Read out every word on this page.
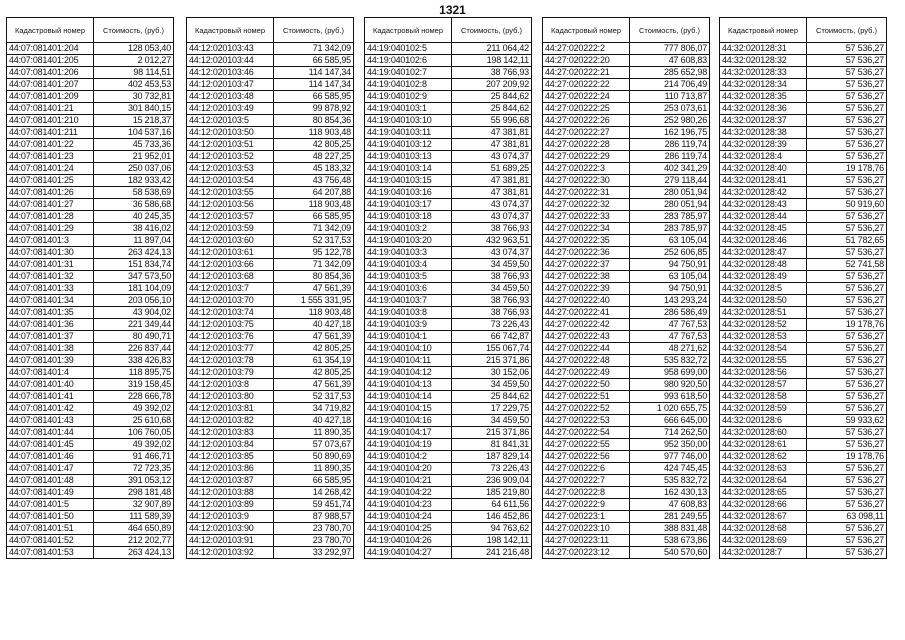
1321
Кадастровый номер	Стоимость, (руб.)
44:07:081401:204	128 053,40
44:07:081401:205	2 012,27
44:07:081401:206	98 114,51
44:07:081401:207	402 453,53
44:07:081401:209	30 732,81
44:07:081401:21	301 840,15
44:07:081401:210	15 218,37
44:07:081401:211	104 537,16
44:07:081401:22	45 733,36
44:07:081401:23	21 952,01
44:07:081401:24	250 037,06
44:07:081401:25	182 933,42
44:07:081401:26	58 538,69
44:07:081401:27	36 586,68
44:07:081401:28	40 245,35
44:07:081401:29	38 416,02
44:07:081401:3	11 897,04
44:07:081401:30	263 424,13
44:07:081401:31	151 834,74
44:07:081401:32	347 573,50
44:07:081401:33	181 104,09
44:07:081401:34	203 056,10
44:07:081401:35	43 904,02
44:07:081401:36	221 349,44
44:07:081401:37	80 490,71
44:07:081401:38	226 837,44
44:07:081401:39	338 426,83
44:07:081401:4	118 895,75
44:07:081401:40	319 158,45
44:07:081401:41	228 666,78
44:07:081401:42	49 392,02
44:07:081401:43	25 610,68
44:07:081401:44	106 760,05
44:07:081401:45	49 392,02
44:07:081401:46	91 466,71
44:07:081401:47	72 723,35
44:07:081401:48	391 053,12
44:07:081401:49	298 181,48
44:07:081401:5	32 907,89
44:07:081401:50	111 589,39
44:07:081401:51	464 650,89
44:07:081401:52	212 202,77
44:07:081401:53	263 424,13
Кадастровый номер	Стоимость, (руб.)
44:12:020103:43	71 342,09
44:12:020103:44	66 585,95
44:12:020103:46	114 147,34
44:12:020103:47	114 147,34
44:12:020103:48	66 585,95
44:12:020103:49	99 878,92
44:12:020103:5	80 854,36
44:12:020103:50	118 903,48
44:12:020103:51	42 805,25
44:12:020103:52	48 227,25
44:12:020103:53	45 183,32
44:12:020103:54	43 756,48
44:12:020103:55	64 207,88
44:12:020103:56	118 903,48
44:12:020103:57	66 585,95
44:12:020103:59	71 342,09
44:12:020103:60	52 317,53
44:12:020103:61	95 122,78
44:12:020103:66	71 342,09
44:12:020103:68	80 854,36
44:12:020103:7	47 561,39
44:12:020103:70	1 555 331,95
44:12:020103:74	118 903,48
44:12:020103:75	40 427,18
44:12:020103:76	47 561,39
44:12:020103:77	42 805,25
44:12:020103:78	61 354,19
44:12:020103:79	42 805,25
44:12:020103:8	47 561,39
44:12:020103:80	52 317,53
44:12:020103:81	34 719,82
44:12:020103:82	40 427,18
44:12:020103:83	11 890,35
44:12:020103:84	57 073,67
44:12:020103:85	50 890,69
44:12:020103:86	11 890,35
44:12:020103:87	66 585,95
44:12:020103:88	14 268,42
44:12:020103:89	59 451,74
44:12:020103:9	87 988,57
44:12:020103:90	23 780,70
44:12:020103:91	23 780,70
44:12:020103:92	33 292,97
Кадастровый номер	Стоимость, (руб.)
44:19:040102:5	211 064,42
44:19:040102:6	198 142,11
44:19:040102:7	38 766,93
44:19:040102:8	207 209,92
44:19:040102:9	25 844,62
44:19:040103:1	25 844,62
44:19:040103:10	55 996,68
44:19:040103:11	47 381,81
44:19:040103:12	47 381,81
44:19:040103:13	43 074,37
44:19:040103:14	51 689,25
44:19:040103:15	47 381,81
44:19:040103:16	47 381,81
44:19:040103:17	43 074,37
44:19:040103:18	43 074,37
44:19:040103:2	38 766,93
44:19:040103:20	432 963,51
44:19:040103:3	43 074,37
44:19:040103:4	34 459,50
44:19:040103:5	38 766,93
44:19:040103:6	34 459,50
44:19:040103:7	38 766,93
44:19:040103:8	38 766,93
44:19:040103:9	73 226,43
44:19:040104:1	66 742,87
44:19:040104:10	155 067,74
44:19:040104:11	215 371,86
44:19:040104:12	30 152,06
44:19:040104:13	34 459,50
44:19:040104:14	25 844,62
44:19:040104:15	17 229,75
44:19:040104:16	34 459,50
44:19:040104:17	215 371,86
44:19:040104:19	81 841,31
44:19:040104:2	187 829,14
44:19:040104:20	73 226,43
44:19:040104:21	236 909,04
44:19:040104:22	185 219,80
44:19:040104:23	64 611,56
44:19:040104:24	146 452,86
44:19:040104:25	94 763,62
44:19:040104:26	198 142,11
44:19:040104:27	241 216,48
Кадастровый номер	Стоимость, (руб.)
44:27:020222:2	777 806,07
44:27:020222:20	47 608,83
44:27:020222:21	285 652,98
44:27:020222:22	214 706,49
44:27:020222:24	110 713,87
44:27:020222:25	253 073,61
44:27:020222:26	252 980,26
44:27:020222:27	162 196,75
44:27:020222:28	286 119,74
44:27:020222:29	286 119,74
44:27:020222:3	402 341,29
44:27:020222:30	279 118,44
44:27:020222:31	280 051,94
44:27:020222:32	280 051,94
44:27:020222:33	283 785,97
44:27:020222:34	283 785,97
44:27:020222:35	63 105,04
44:27:020222:36	252 606,85
44:27:020222:37	94 750,91
44:27:020222:38	63 105,04
44:27:020222:39	94 750,91
44:27:020222:40	143 293,24
44:27:020222:41	286 586,49
44:27:020222:42	47 767,53
44:27:020222:43	47 767,53
44:27:020222:44	48 271,62
44:27:020222:48	535 832,72
44:27:020222:49	958 699,00
44:27:020222:50	980 920,50
44:27:020222:51	993 618,50
44:27:020222:52	1 020 655,75
44:27:020222:53	666 645,00
44:27:020222:54	714 262,50
44:27:020222:55	952 350,00
44:27:020222:56	977 746,00
44:27:020222:6	424 745,45
44:27:020222:7	535 832,72
44:27:020222:8	162 430,13
44:27:020222:9	47 608,83
44:27:020223:1	281 249,55
44:27:020223:10	388 831,48
44:27:020223:11	538 673,86
44:27:020223:12	540 570,60
Кадастровый номер	Стоимость, (руб.)
44:32:020128:31	57 536,27
44:32:020128:32	57 536,27
44:32:020128:33	57 536,27
44:32:020128:34	57 536,27
44:32:020128:35	57 536,27
44:32:020128:36	57 536,27
44:32:020128:37	57 536,27
44:32:020128:38	57 536,27
44:32:020128:39	57 536,27
44:32:020128:4	57 536,27
44:32:020128:40	19 178,76
44:32:020128:41	57 536,27
44:32:020128:42	57 536,27
44:32:020128:43	50 919,60
44:32:020128:44	57 536,27
44:32:020128:45	57 536,27
44:32:020128:46	51 782,65
44:32:020128:47	57 536,27
44:32:020128:48	52 741,58
44:32:020128:49	57 536,27
44:32:020128:5	57 536,27
44:32:020128:50	57 536,27
44:32:020128:51	57 536,27
44:32:020128:52	19 178,76
44:32:020128:53	57 536,27
44:32:020128:54	57 536,27
44:32:020128:55	57 536,27
44:32:020128:56	57 536,27
44:32:020128:57	57 536,27
44:32:020128:58	57 536,27
44:32:020128:59	57 536,27
44:32:020128:6	59 933,62
44:32:020128:60	57 536,27
44:32:020128:61	57 536,27
44:32:020128:62	19 178,76
44:32:020128:63	57 536,27
44:32:020128:64	57 536,27
44:32:020128:65	57 536,27
44:32:020128:66	57 536,27
44:32:020128:67	63 098,11
44:32:020128:68	57 536,27
44:32:020128:69	57 536,27
44:32:020128:7	57 536,27
